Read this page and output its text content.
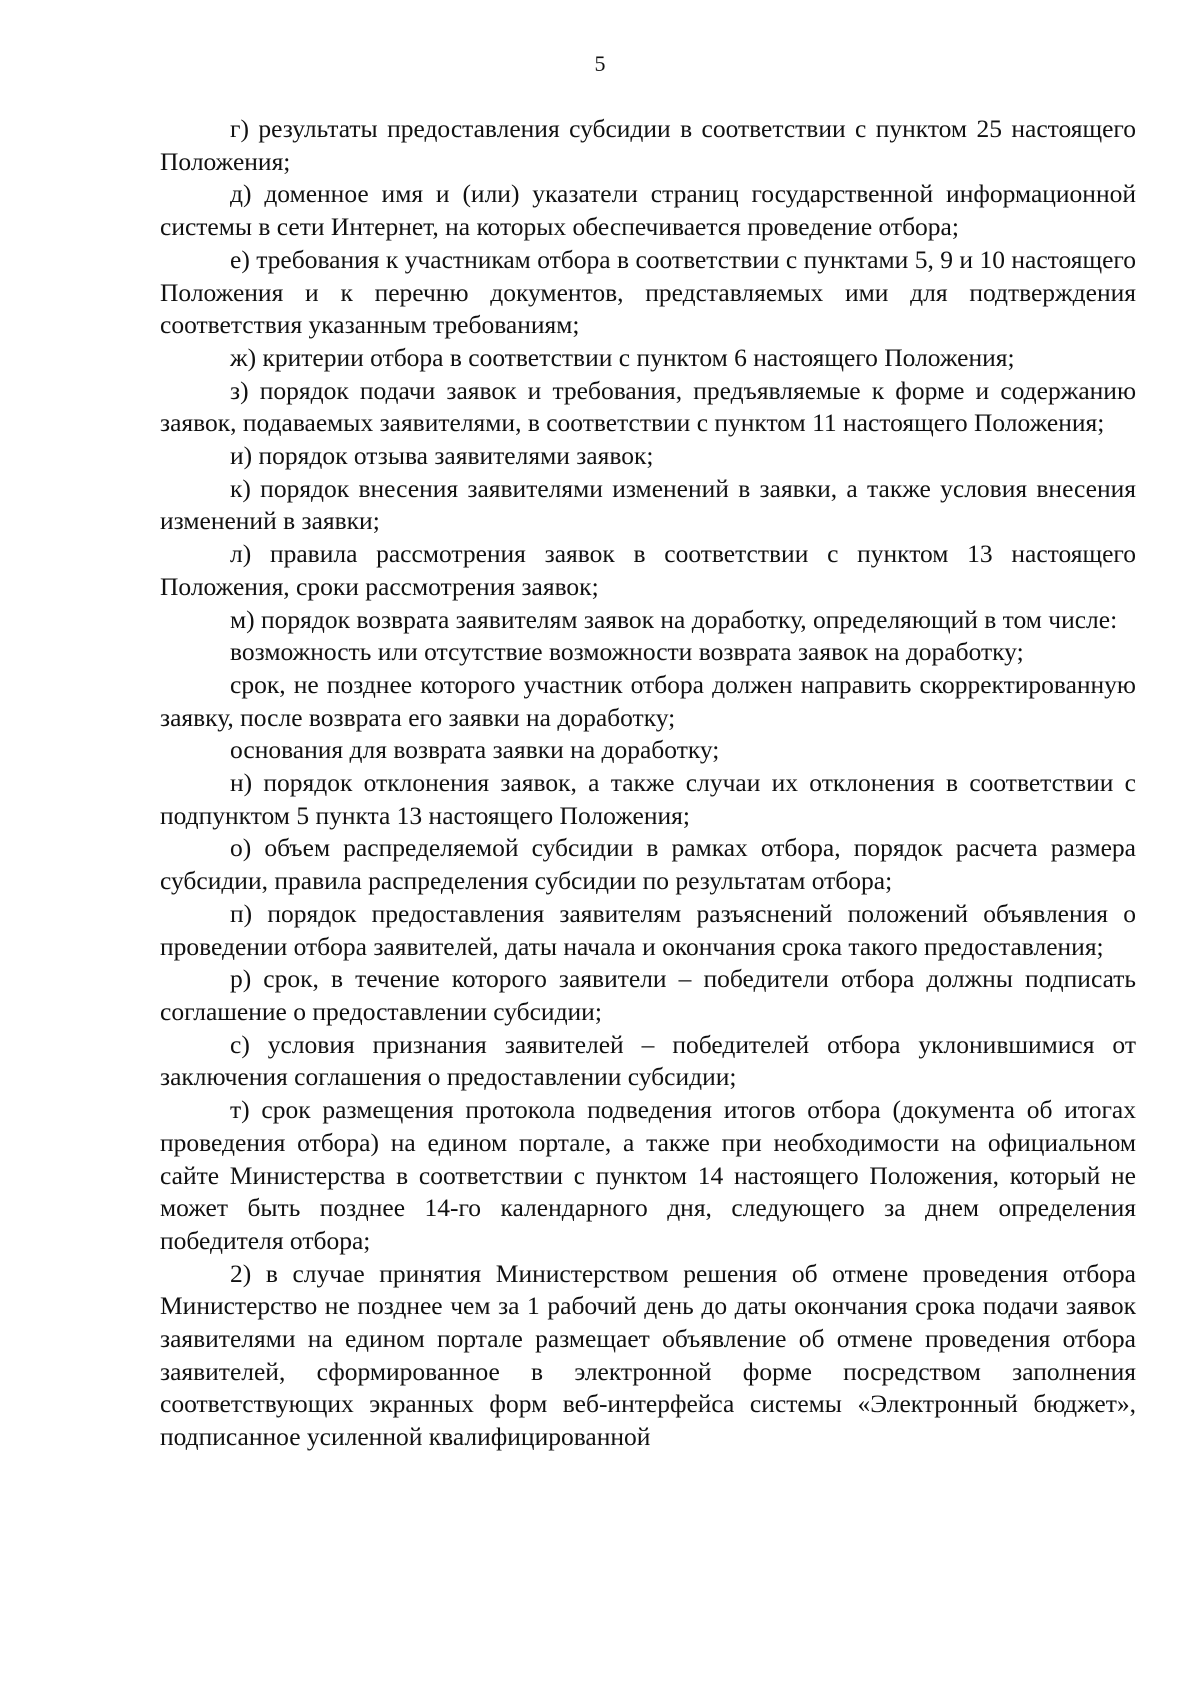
5

г) результаты предоставления субсидии в соответствии с пунктом 25 настоящего Положения;

д) доменное имя и (или) указатели страниц государственной информационной системы в сети Интернет, на которых обеспечивается проведение отбора;

е) требования к участникам отбора в соответствии с пунктами 5, 9 и 10 настоящего Положения и к перечню документов, представляемых ими для подтверждения соответствия указанным требованиям;

ж) критерии отбора в соответствии с пунктом 6 настоящего Положения;

з) порядок подачи заявок и требования, предъявляемые к форме и содержанию заявок, подаваемых заявителями, в соответствии с пунктом 11 настоящего Положения;

и) порядок отзыва заявителями заявок;

к) порядок внесения заявителями изменений в заявки, а также условия внесения изменений в заявки;

л) правила рассмотрения заявок в соответствии с пунктом 13 настоящего Положения, сроки рассмотрения заявок;

м) порядок возврата заявителям заявок на доработку, определяющий в том числе:

возможность или отсутствие возможности возврата заявок на доработку;

срок, не позднее которого участник отбора должен направить скорректированную заявку, после возврата его заявки на доработку;

основания для возврата заявки на доработку;

н) порядок отклонения заявок, а также случаи их отклонения в соответствии с подпунктом 5 пункта 13 настоящего Положения;

о) объем распределяемой субсидии в рамках отбора, порядок расчета размера субсидии, правила распределения субсидии по результатам отбора;

п) порядок предоставления заявителям разъяснений положений объявления о проведении отбора заявителей, даты начала и окончания срока такого предоставления;

р) срок, в течение которого заявители – победители отбора должны подписать соглашение о предоставлении субсидии;

с) условия признания заявителей – победителей отбора уклонившимися от заключения соглашения о предоставлении субсидии;

т) срок размещения протокола подведения итогов отбора (документа об итогах проведения отбора) на едином портале, а также при необходимости на официальном сайте Министерства в соответствии с пунктом 14 настоящего Положения, который не может быть позднее 14-го календарного дня, следующего за днем определения победителя отбора;

2) в случае принятия Министерством решения об отмене проведения отбора Министерство не позднее чем за 1 рабочий день до даты окончания срока подачи заявок заявителями на едином портале размещает объявление об отмене проведения отбора заявителей, сформированное в электронной форме посредством заполнения соответствующих экранных форм веб-интерфейса системы «Электронный бюджет», подписанное усиленной квалифицированной
